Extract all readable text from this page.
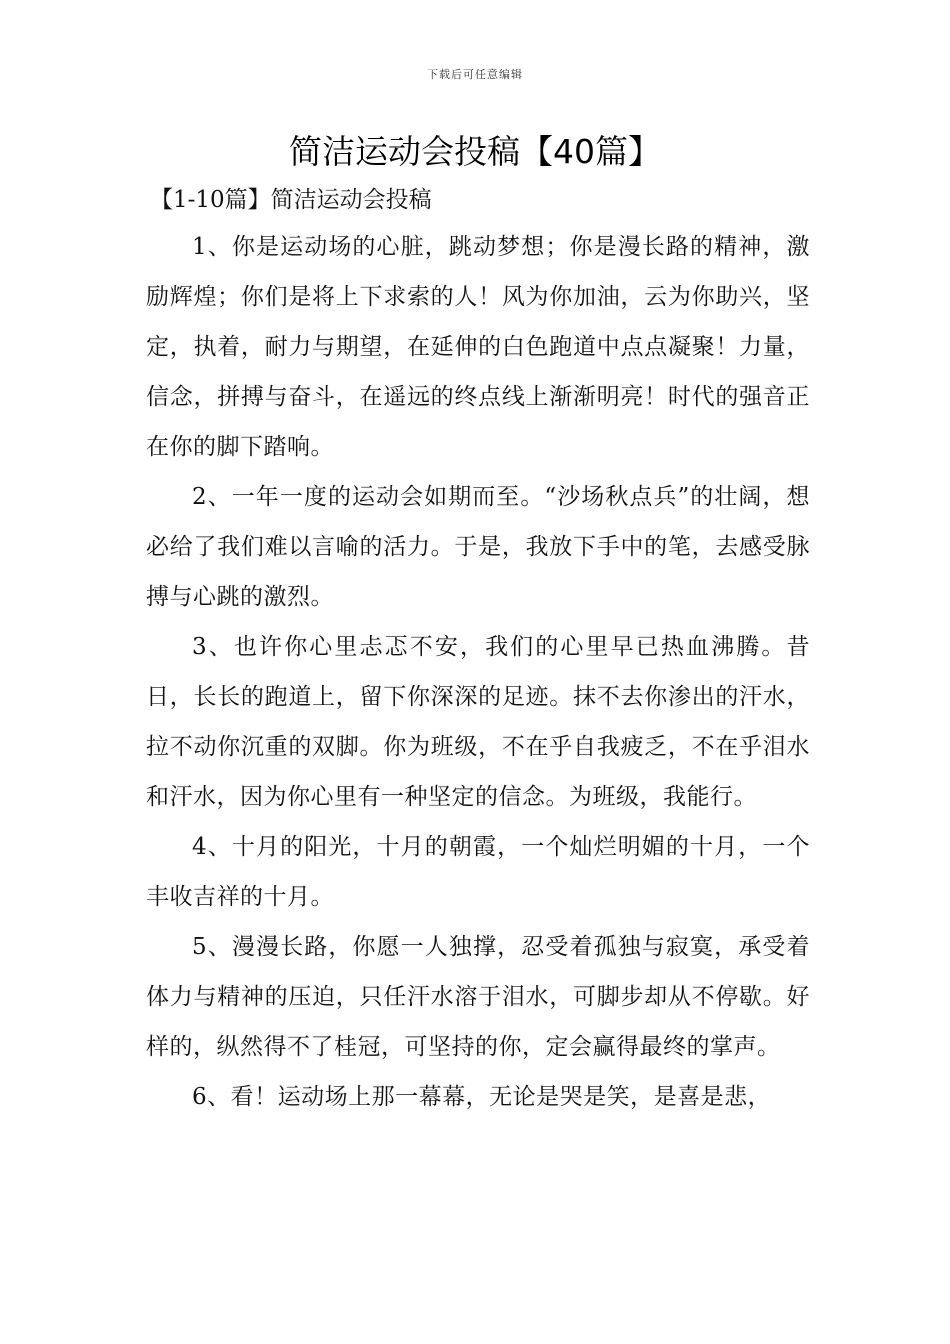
下载后可任意编辑
简洁运动会投稿【40篇】

【1-10篇】简洁运动会投稿

1、你是运动场的心脏，跳动梦想；你是漫长路的精神，激励辉煌；你们是将上下求索的人！风为你加油，云为你助兴，坚定，执着，耐力与期望，在延伸的白色跑道中点点凝聚！力量，信念，拼搏与奋斗，在遥远的终点线上渐渐明亮！时代的强音正在你的脚下踏响。

2、一年一度的运动会如期而至。“沙场秋点兵”的壮阔，想必给了我们难以言喻的活力。于是，我放下手中的笔，去感受脉搏与心跳的激烈。

3、也许你心里忐忑不安，我们的心里早已热血沸腾。昔日，长长的跑道上，留下你深深的足迹。抹不去你渗出的汗水，拉不动你沉重的双脚。你为班级，不在乎自我疲乏，不在乎泪水和汗水，因为你心里有一种坚定的信念。为班级，我能行。

4、十月的阳光，十月的朝霞，一个灿烂明媚的十月，一个丰收吉祥的十月。

5、漫漫长路，你愿一人独撑，忍受着孤独与寂寞，承受着体力与精神的压迫，只任汗水溶于泪水，可脚步却从不停歇。好样的，纵然得不了桂冠，可坚持的你，定会赢得最终的掌声。

6、看！运动场上那一幕幕，无论是哭是笑，是喜是悲，
